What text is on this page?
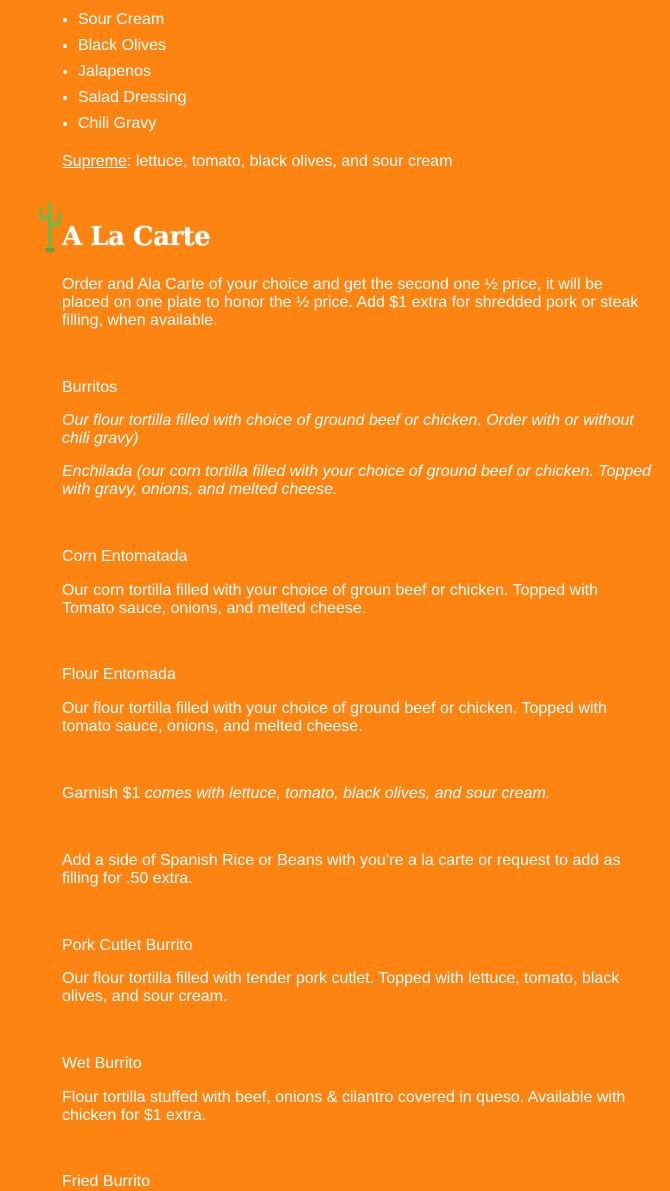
• Sour Cream
• Black Olives
• Jalapenos
• Salad Dressing
• Chili Gravy

Supreme: lettuce, tomato, black olives, and sour cream

A La Carte

Order and Ala Carte of your choice and get the second one ½ price, it will be placed on one plate to honor the ½ price. Add $1 extra for shredded pork or steak filling, when available.

Burritos

Our flour tortilla filled with choice of ground beef or chicken. Order with or without chili gravy)

Enchilada (our corn tortilla filled with your choice of ground beef or chicken. Topped with gravy, onions, and melted cheese.

Corn Entomatada

Our corn tortilla filled with your choice of groun beef or chicken. Topped with Tomato sauce, onions, and melted cheese.

Flour Entomada

Our flour tortilla filled with your choice of ground beef or chicken. Topped with tomato sauce, onions, and melted cheese.

Garnish $1 comes with lettuce, tomato, black olives, and sour cream.

Add a side of Spanish Rice or Beans with you’re a la carte or request to add as filling for .50 extra.

Pork Cutlet Burrito

Our flour tortilla filled with tender pork cutlet. Topped with lettuce, tomato, black olives, and sour cream.

Wet Burrito

Flour tortilla stuffed with beef, onions & cilantro covered in queso. Available with chicken for $1 extra.

Fried Burrito
